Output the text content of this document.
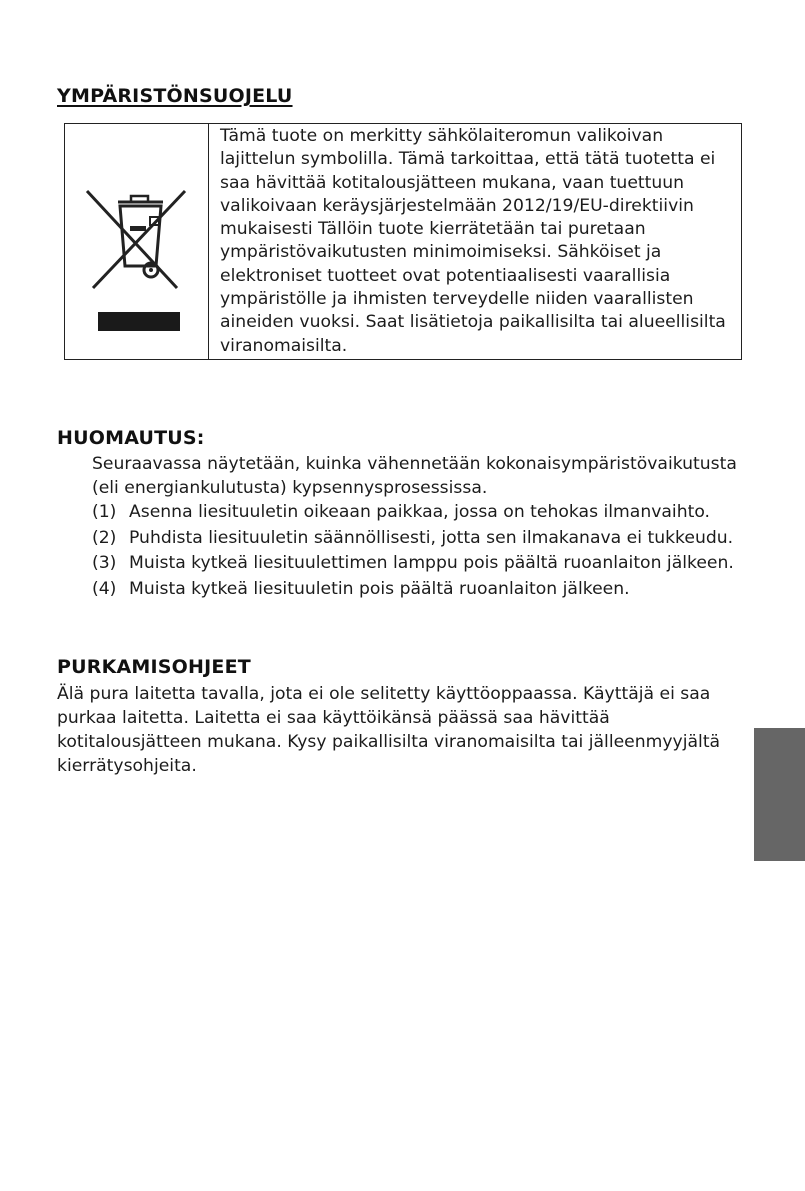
YMPÄRISTÖNSUOJELU
Tämä tuote on merkitty sähkölaiteromun valikoivan lajittelun symbolilla. Tämä tarkoittaa, että tätä tuotetta ei saa hävittää kotitalousjätteen mukana, vaan tuettuun valikoivaan keräysjärjestelmään 2012/19/EU-direktiivin mukaisesti Tällöin tuote kierrätetään tai puretaan ympäristövaikutusten minimoimiseksi. Sähköiset ja elektroniset tuotteet ovat potentiaalisesti vaarallisia ympäristölle ja ihmisten terveydelle niiden vaarallisten aineiden vuoksi. Saat lisätietoja paikallisilta tai alueellisilta viranomaisilta.
HUOMAUTUS:

Seuraavassa näytetään, kuinka vähennetään kokonaisympäristövaikutusta (eli energiankulutusta) kypsennysprosessissa.

(1) Asenna liesituuletin oikeaan paikkaa, jossa on tehokas ilmanvaihto.
(2) Puhdista liesituuletin säännöllisesti, jotta sen ilmakanava ei tukkeudu.
(3) Muista kytkeä liesituulettimen lamppu pois päältä ruoanlaiton jälkeen.
(4) Muista kytkeä liesituuletin pois päältä ruoanlaiton jälkeen.
PURKAMISOHJEET

Älä pura laitetta tavalla, jota ei ole selitetty käyttöoppaassa. Käyttäjä ei saa purkaa laitetta. Laitetta ei saa käyttöikänsä päässä saa hävittää kotitalousjätteen mukana. Kysy paikallisilta viranomaisilta tai jälleenmyyjältä kierrätysohjeita.
